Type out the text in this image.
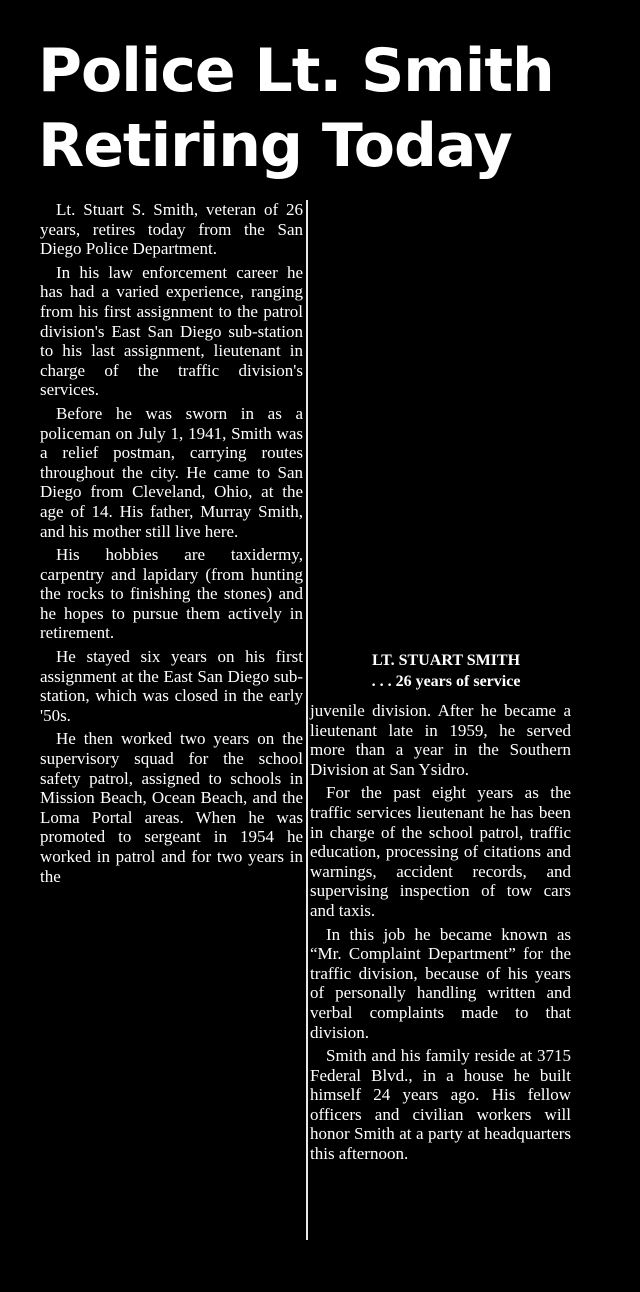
Police Lt. Smith
Retiring Today

Lt. Stuart S. Smith, veteran of 26 years, retires today from the San Diego Police Department.

In his law enforcement career he has had a varied experience, ranging from his first assignment to the patrol division's East San Diego sub-station to his last assignment, lieutenant in charge of the traffic division's services.

Before he was sworn in as a policeman on July 1, 1941, Smith was a relief postman, carrying routes throughout the city. He came to San Diego from Cleveland, Ohio, at the age of 14. His father, Murray Smith, and his mother still live here.

His hobbies are taxidermy, carpentry and lapidary (from hunting the rocks to finishing the stones) and he hopes to pursue them actively in retirement.

He stayed six years on his first assignment at the East San Diego sub-station, which was closed in the early '50s.

He then worked two years on the supervisory squad for the school safety patrol, assigned to schools in Mission Beach, Ocean Beach, and the Loma Portal areas. When he was promoted to sergeant in 1954 he worked in patrol and for two years in the

LT. STUART SMITH
. . . 26 years of service

juvenile division. After he became a lieutenant late in 1959, he served more than a year in the Southern Division at San Ysidro.

For the past eight years as the traffic services lieutenant he has been in charge of the school patrol, traffic education, processing of citations and warnings, accident records, and supervising inspection of tow cars and taxis.

In this job he became known as “Mr. Complaint Department” for the traffic division, because of his years of personally handling written and verbal complaints made to that division.

Smith and his family reside at 3715 Federal Blvd., in a house he built himself 24 years ago. His fellow officers and civilian workers will honor Smith at a party at headquarters this afternoon.
